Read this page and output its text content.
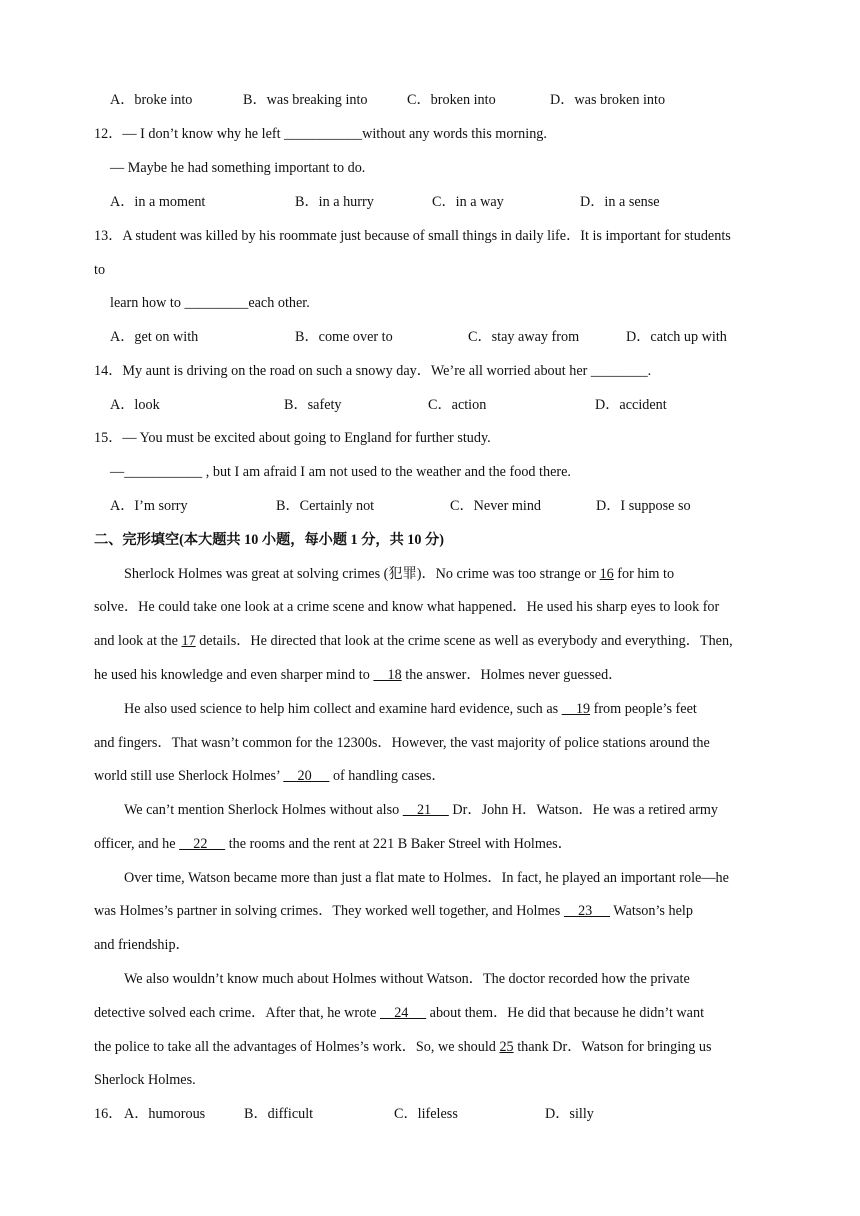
A．broke into	B．was breaking into	C．broken into	D．was broken into
12．— I don’t know why he left ___________without any words this morning.
— Maybe he had something important to do.
A．in a moment	B．in a hurry	C．in a way	D．in a sense
13．A student was killed by his roommate just because of small things in daily life．It is important for students
to
learn how to _________each other.
A．get on with	B．come over to	C．stay away from	D．catch up with
14．My aunt is driving on the road on such a snowy day．We’re all worried about her ________.
A．look	B．safety	C．action	D．accident
15．— You must be excited about going to England for further study.
—___________ , but I am afraid I am not used to the weather and the food there.
A．I’m sorry	B．Certainly not	C．Never mind	D．I suppose so
二、完形填空(本大题共 10 小题，每小题 1 分，共 10 分)
Sherlock Holmes was great at solving crimes (犯罪)．No crime was too strange or 16 for him to
solve．He could take one look at a crime scene and know what happened．He used his sharp eyes to look for
and look at the 17 details．He directed that look at the crime scene as well as everybody and everything．Then,
he used his knowledge and even sharper mind to     18 the answer．Holmes never guessed．
He also used science to help him collect and examine hard evidence, such as     19 from people’s feet
and fingers．That wasn’t common for the 12300s．However, the vast majority of police stations around the
world still use Sherlock Holmes’     20      of handling cases．
We can’t mention Sherlock Holmes without also     21      Dr．John H．Watson．He was a retired army
officer, and he     22      the rooms and the rent at 221 B Baker Streel with Holmes．
Over time, Watson became more than just a flat mate to Holmes．In fact, he played an important role—he
was Holmes’s partner in solving crimes．They worked well together, and Holmes     23      Watson’s help
and friendship．
We also wouldn’t know much about Holmes without Watson．The doctor recorded how the private
detective solved each crime．After that, he wrote     24      about them．He did that because he didn’t want
the police to take all the advantages of Holmes’s work．So, we should 25 thank Dr．Watson for bringing us
Sherlock Holmes.
16． A．humorous	B．difficult	C．lifeless	D．silly
